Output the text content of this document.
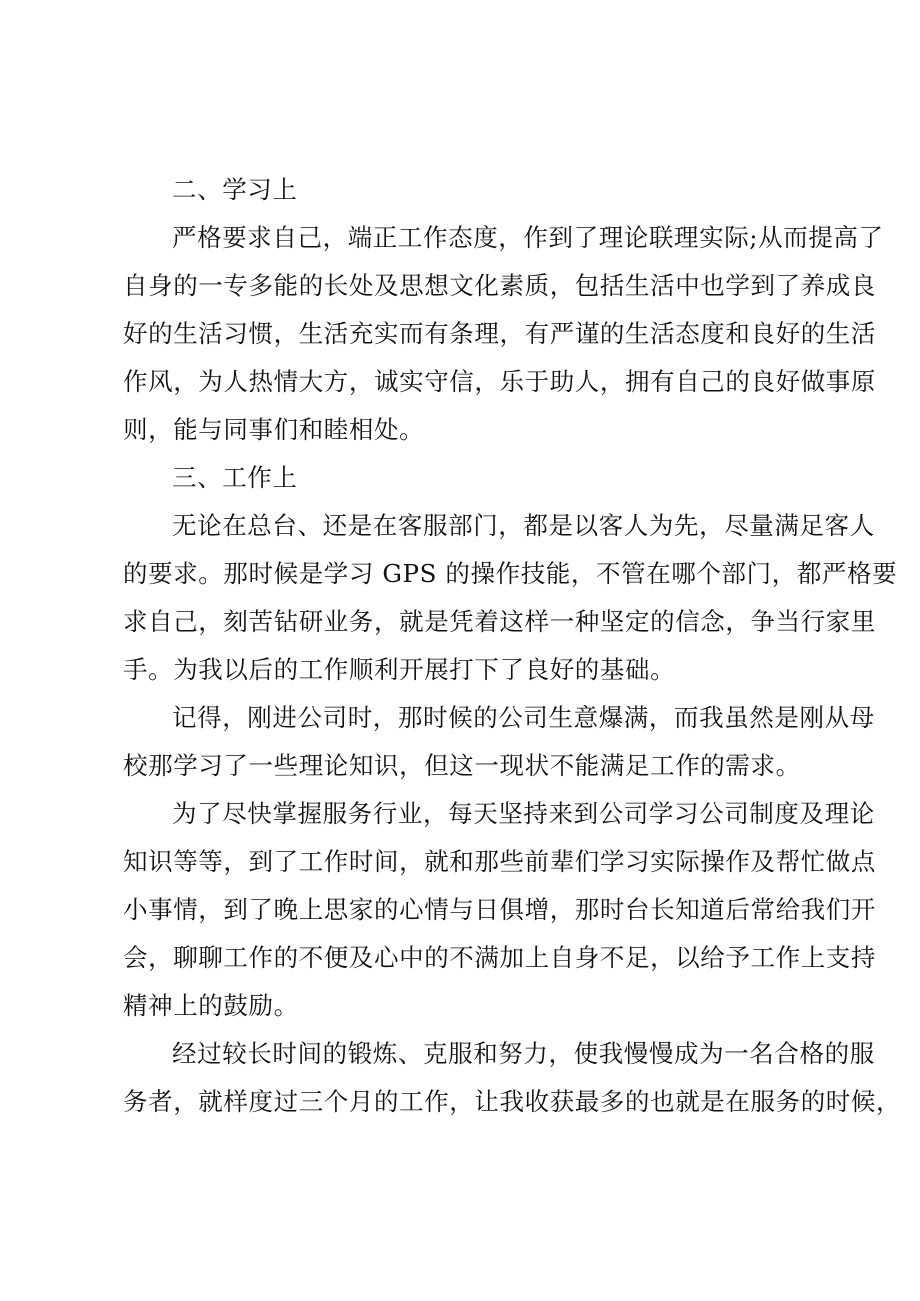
二、学习上
严格要求自己，端正工作态度，作到了理论联理实际;从而提高了
自身的一专多能的长处及思想文化素质，包括生活中也学到了养成良
好的生活习惯，生活充实而有条理，有严谨的生活态度和良好的生活
作风，为人热情大方，诚实守信，乐于助人，拥有自己的良好做事原
则，能与同事们和睦相处。
三、工作上
无论在总台、还是在客服部门，都是以客人为先，尽量满足客人
的要求。那时候是学习 GPS 的操作技能，不管在哪个部门，都严格要
求自己，刻苦钻研业务，就是凭着这样一种坚定的信念，争当行家里
手。为我以后的工作顺利开展打下了良好的基础。
记得，刚进公司时，那时候的公司生意爆满，而我虽然是刚从母
校那学习了一些理论知识，但这一现状不能满足工作的需求。
为了尽快掌握服务行业，每天坚持来到公司学习公司制度及理论
知识等等，到了工作时间，就和那些前辈们学习实际操作及帮忙做点
小事情，到了晚上思家的心情与日俱增，那时台长知道后常给我们开
会，聊聊工作的不便及心中的不满加上自身不足，以给予工作上支持
精神上的鼓励。
经过较长时间的锻炼、克服和努力，使我慢慢成为一名合格的服
务者，就样度过三个月的工作，让我收获最多的也就是在服务的时候，
